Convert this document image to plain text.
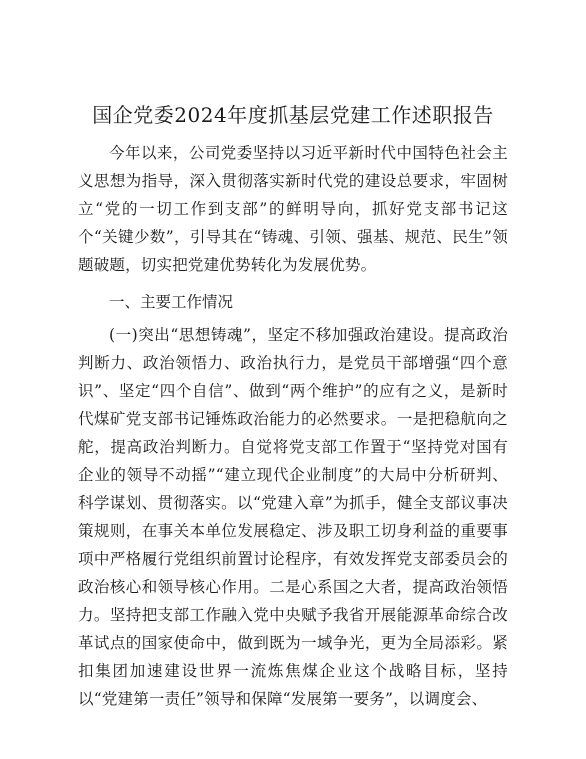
国企党委2024年度抓基层党建工作述职报告

今年以来，公司党委坚持以习近平新时代中国特色社会主义思想为指导，深入贯彻落实新时代党的建设总要求，牢固树立“党的一切工作到支部”的鲜明导向，抓好党支部书记这个“关键少数”，引导其在“铸魂、引领、强基、规范、民生”领题破题，切实把党建优势转化为发展优势。

一、主要工作情况

(一)突出“思想铸魂”，坚定不移加强政治建设。提高政治判断力、政治领悟力、政治执行力，是党员干部增强“四个意识”、坚定“四个自信”、做到“两个维护”的应有之义，是新时代煤矿党支部书记锤炼政治能力的必然要求。一是把稳航向之舵，提高政治判断力。自觉将党支部工作置于“坚持党对国有企业的领导不动摇”“建立现代企业制度”的大局中分析研判、科学谋划、贯彻落实。以“党建入章”为抓手，健全支部议事决策规则，在事关本单位发展稳定、涉及职工切身利益的重要事项中严格履行党组织前置讨论程序，有效发挥党支部委员会的政治核心和领导核心作用。二是心系国之大者，提高政治领悟力。坚持把支部工作融入党中央赋予我省开展能源革命综合改革试点的国家使命中，做到既为一域争光，更为全局添彩。紧扣集团加速建设世界一流炼焦煤企业这个战略目标，坚持以“党建第一责任”领导和保障“发展第一要务”，以调度会、
